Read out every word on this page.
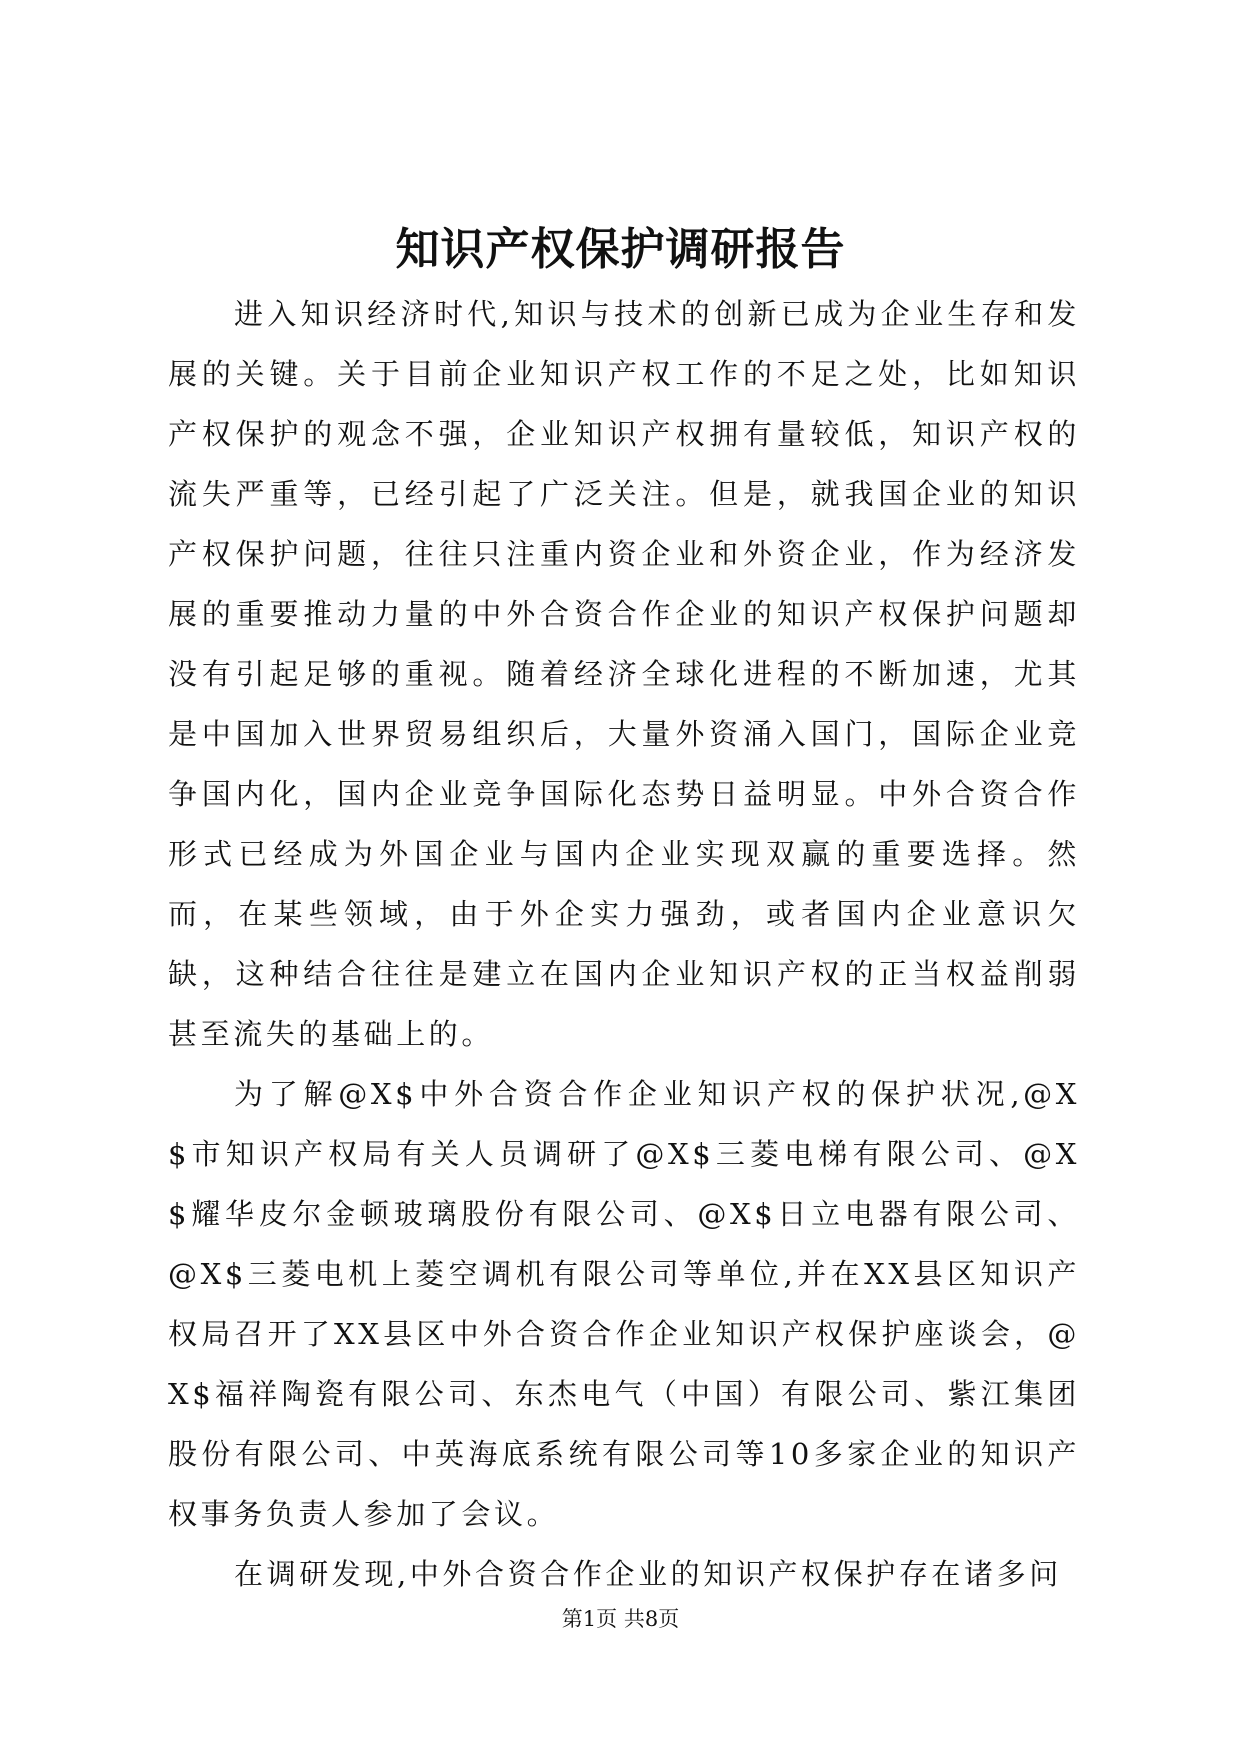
知识产权保护调研报告

进入知识经济时代,知识与技术的创新已成为企业生存和发展的关键。关于目前企业知识产权工作的不足之处，比如知识产权保护的观念不强，企业知识产权拥有量较低，知识产权的流失严重等，已经引起了广泛关注。但是，就我国企业的知识产权保护问题，往往只注重内资企业和外资企业，作为经济发展的重要推动力量的中外合资合作企业的知识产权保护问题却没有引起足够的重视。随着经济全球化进程的不断加速，尤其是中国加入世界贸易组织后，大量外资涌入国门，国际企业竞争国内化，国内企业竞争国际化态势日益明显。中外合资合作形式已经成为外国企业与国内企业实现双赢的重要选择。然而，在某些领域，由于外企实力强劲，或者国内企业意识欠缺，这种结合往往是建立在国内企业知识产权的正当权益削弱甚至流失的基础上的。

为了解@X$中外合资合作企业知识产权的保护状况,@X$市知识产权局有关人员调研了@X$三菱电梯有限公司、@X$耀华皮尔金顿玻璃股份有限公司、@X$日立电器有限公司、@X$三菱电机上菱空调机有限公司等单位,并在XX县区知识产权局召开了XX县区中外合资合作企业知识产权保护座谈会，@X$福祥陶瓷有限公司、东杰电气（中国）有限公司、紫江集团股份有限公司、中英海底系统有限公司等10多家企业的知识产权事务负责人参加了会议。

在调研发现,中外合资合作企业的知识产权保护存在诸多问

第1页 共8页
